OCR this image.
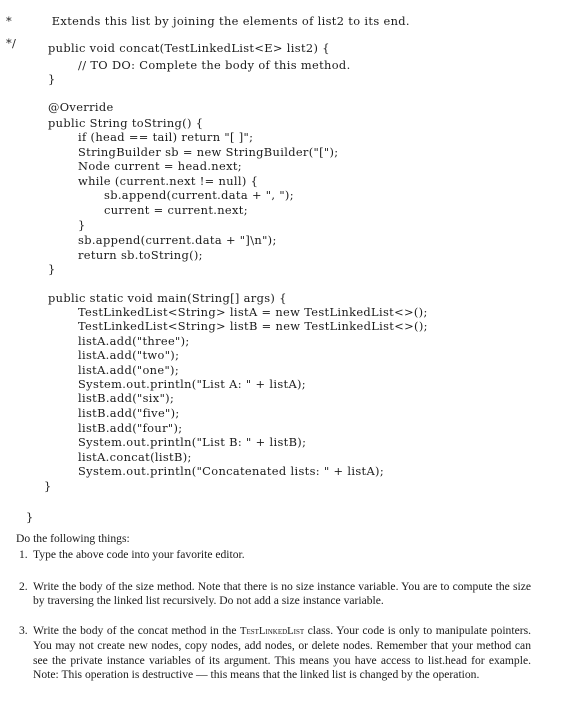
*          Extends this list by joining the elements of list2 to its end.
*/	public void concat(TestLinkedList<E> list2) {
// TO DO: Complete the body of this method.
}
@Override
public String toString() {
if (head == tail) return "[ ]";
StringBuilder sb = new StringBuilder("[");
Node current = head.next;
while (current.next != null) {
sb.append(current.data + ", ");
current = current.next;
}
sb.append(current.data + "]\n");
return sb.toString();
}
public static void main(String[] args) {
TestLinkedList<String> listA = new TestLinkedList<>();
TestLinkedList<String> listB = new TestLinkedList<>();
listA.add("three");
listA.add("two");
listA.add("one");
System.out.println("List A: " + listA);
listB.add("six");
listB.add("five");
listB.add("four");
System.out.println("List B: " + listB);
listA.concat(listB);
System.out.println("Concatenated lists: " + listA);
}
}
Do the following things:
1. Type the above code into your favorite editor.
2. Write the body of the size method. Note that there is no size instance variable. You are to compute the size by traversing the linked list recursively. Do not add a size instance variable.
3. Write the body of the concat method in the TestLinkedList class. Your code is only to manipulate pointers. You may not create new nodes, copy nodes, add nodes, or delete nodes. Remember that your method can see the private instance variables of its argument. This means you have access to list.head for example. Note: This operation is destructive — this means that the linked list is changed by the operation.
